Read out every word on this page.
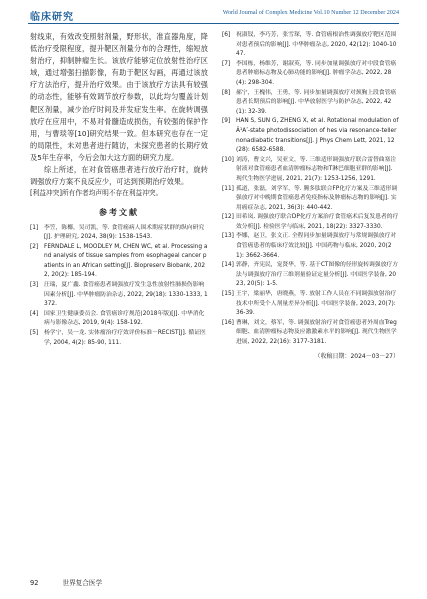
临床研究	World Journal of Complex Medicine Vol.10 Number 12 December 2024

射线束，有效改变照射剂量，野形状，准直器角度，降低治疗受限程度，提升靶区剂量分布的合理性，缩短放射治疗，抑制肿瘤生长。该放疗能够定位放射性治疗区域，通过增强扫描影像，有助于靶区勾画，再通过该放疗方法治疗，提升治疗效果。由于该放疗方法具有较强的动态性，能够有效调节放疗参数，以此均匀覆盖计划靶区剂量，减少治疗时间及并发症发生率。在旋转调强放疗在应用中，不易对骨髓造成损伤，有较强的保护作用，与曹琰等[10]研究结果一致。但本研究也存在一定的局限性，未对患者进行随访，未探究患者的长期疗效及5年生存率，今后会加大这方面的研究力度。

综上所述，在对食管癌患者进行放疗治疗时，旋转调强放疗方案不良反应少，可达到预期治疗效果。

[利益冲突]所有作者均声明不存在利益冲突。

参考文献
[1] 李笠，陈椰，吴司凯，等. 食管癌病人围术期症状群的纵向研究[J]. 护理研究, 2024, 38(9): 1538-1543.
[2] FERNDALE L, MOODLEY M, CHEN WC, et al. Processing and analysis of tissue samples from esophageal cancer patients in an African setting[J]. Biopreserv Biobank, 2022, 20(2): 185-194.
[3] 汪瑞，夏广鑫. 食管癌患者调强放疗发生急性放射性肺损伤影响因素分析[J]. 中华肿瘤防治杂志, 2022, 29(18): 1330-1333, 1372.
[4] 国家卫生健康委员会. 食管癌诊疗规范(2018年版)[J]. 中华消化病与影像杂志, 2019, 9(4): 158-192.
[5] 杨学宁，吴一龙. 实体瘤治疗疗效评价标准－RECIST[J]. 循证医学, 2004, 4(2): 85-90, 111.
[6] 祝淑钗，李巧芳，张雪琛，等. 食管癌根治性调强放疗靶区范围对患者预后的影响[J]. 中华肿瘤杂志, 2020, 42(12): 1040-1047.
[7] 李国栋，杨维芳，谢淑英，等. 同步加量调强放疗对中段食管癌患者肿瘤标志物及心肺功能的影响[J]. 肿瘤学杂志, 2022, 28(4): 298-304.
[8] 郝宁，王槐伟，王勇，等. 同步加量调强放疗对颈胸上段食管癌患者长期预后的影响[J]. 中华放射医学与防护杂志, 2022, 42(1): 32-39.
[9] HAN S, SUN G, ZHENG X, et al. Rotational modulation of Â¹Aʹ-state photodissociation of hes via resonance-teller nonadiabatic transitions[J]. J Phys Chem Lett, 2021, 12(28): 6582-6588.
[10] 刘涛，曹文兴，吴亚文，等. 三维适形调强放疗联合雷替曲塞注射液对食管癌患者血清肿瘤标志物和T淋巴细胞亚群的影响[J]. 现代生物医学进展, 2021, 21(7): 1253-1256, 1291.
[11] 孤道，张磊，刘学军，等. 腾多肽联合FP化疗方案及三维适形调强放疗对中晚期食管癌患者免疫指标及肿瘤标志物的影响[J]. 实用癌症杂志, 2021, 36(3): 440-442.
[12] 田希岚. 调强放疗联合DP化疗方案治疗食管癌术后复发患者的疗效分析[J]. 检验医学与临床, 2021, 18(22): 3327-3330.
[13] 李娜，赵卫，张文正. 全程同步加量调强放疗与常规调强放疗对食管癌患者的临床疗效比较[J]. 中国药物与临床, 2020, 20(21): 3662-3664.
[14] 郭静，齐宪民，宠贤华，等. 基于CT图像的径形旋转调强放疗方法与调强放疗治疗三维剂量验证定量分析[J]. 中国医学装备, 2023, 20(5): 1-5.
[15] 王宇，梁丽华，唐晓燕，等. 放射工作人员在不同调强放射治疗技术中所受个人剂量差异分析[J]. 中国医学装备, 2023, 20(7): 36-39.
[16] 曹琳，刘文，蔡军，等. 调强放射治疗对食管癌患者外周血Treg细胞、血清肿瘤标志物及应激激素水平的影响[J]. 现代生物医学进展, 2022, 22(16): 3177-3181.
（收稿日期：2024－03－27）
92	世界复合医学
